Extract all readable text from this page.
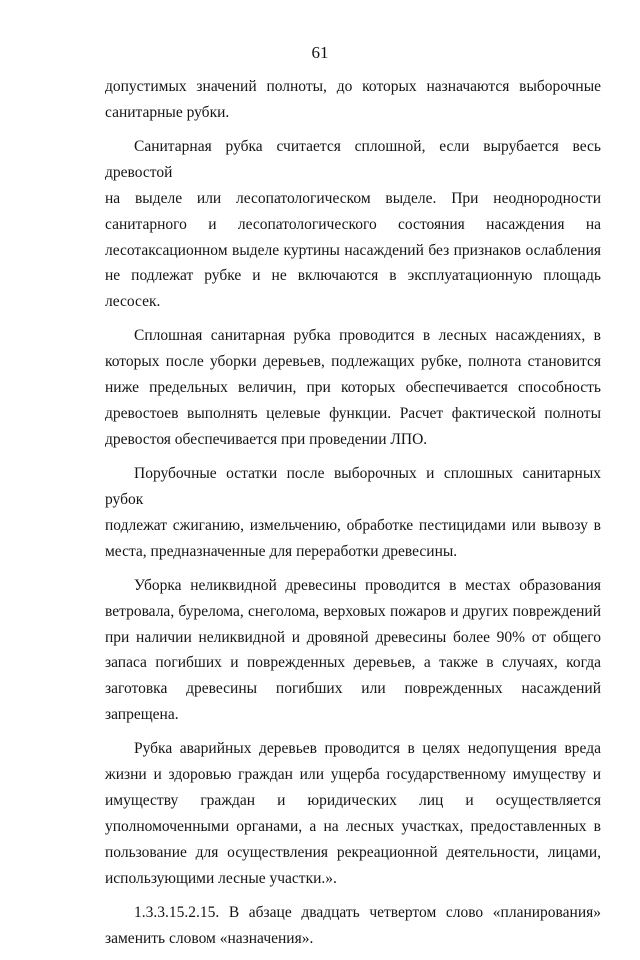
61

допустимых значений полноты, до которых назначаются выборочные
санитарные рубки.

Санитарная рубка считается сплошной, если вырубается весь древостой
на выделе или лесопатологическом выделе. При неоднородности
санитарного и лесопатологического состояния насаждения на
лесотаксационном выделе куртины насаждений без признаков ослабления
не подлежат рубке и не включаются в эксплуатационную площадь лесосек.

Сплошная санитарная рубка проводится в лесных насаждениях, в
которых после уборки деревьев, подлежащих рубке, полнота становится
ниже предельных величин, при которых обеспечивается способность
древостоев выполнять целевые функции. Расчет фактической полноты
древостоя обеспечивается при проведении ЛПО.

Порубочные остатки после выборочных и сплошных санитарных рубок
подлежат сжиганию, измельчению, обработке пестицидами или вывозу в
места, предназначенные для переработки древесины.

Уборка неликвидной древесины проводится в местах образования
ветровала, бурелома, снеголома, верховых пожаров и других повреждений
при наличии неликвидной и дровяной древесины более 90% от общего
запаса погибших и поврежденных деревьев, а также в случаях, когда
заготовка древесины погибших или поврежденных насаждений запрещена.

Рубка аварийных деревьев проводится в целях недопущения вреда
жизни и здоровью граждан или ущерба государственному имуществу и
имуществу граждан и юридических лиц и осуществляется
уполномоченными органами, а на лесных участках, предоставленных в
пользование для осуществления рекреационной деятельности, лицами,
использующими лесные участки.».

1.3.3.15.2.15. В абзаце двадцать четвертом слово «планирования»
заменить словом «назначения».
